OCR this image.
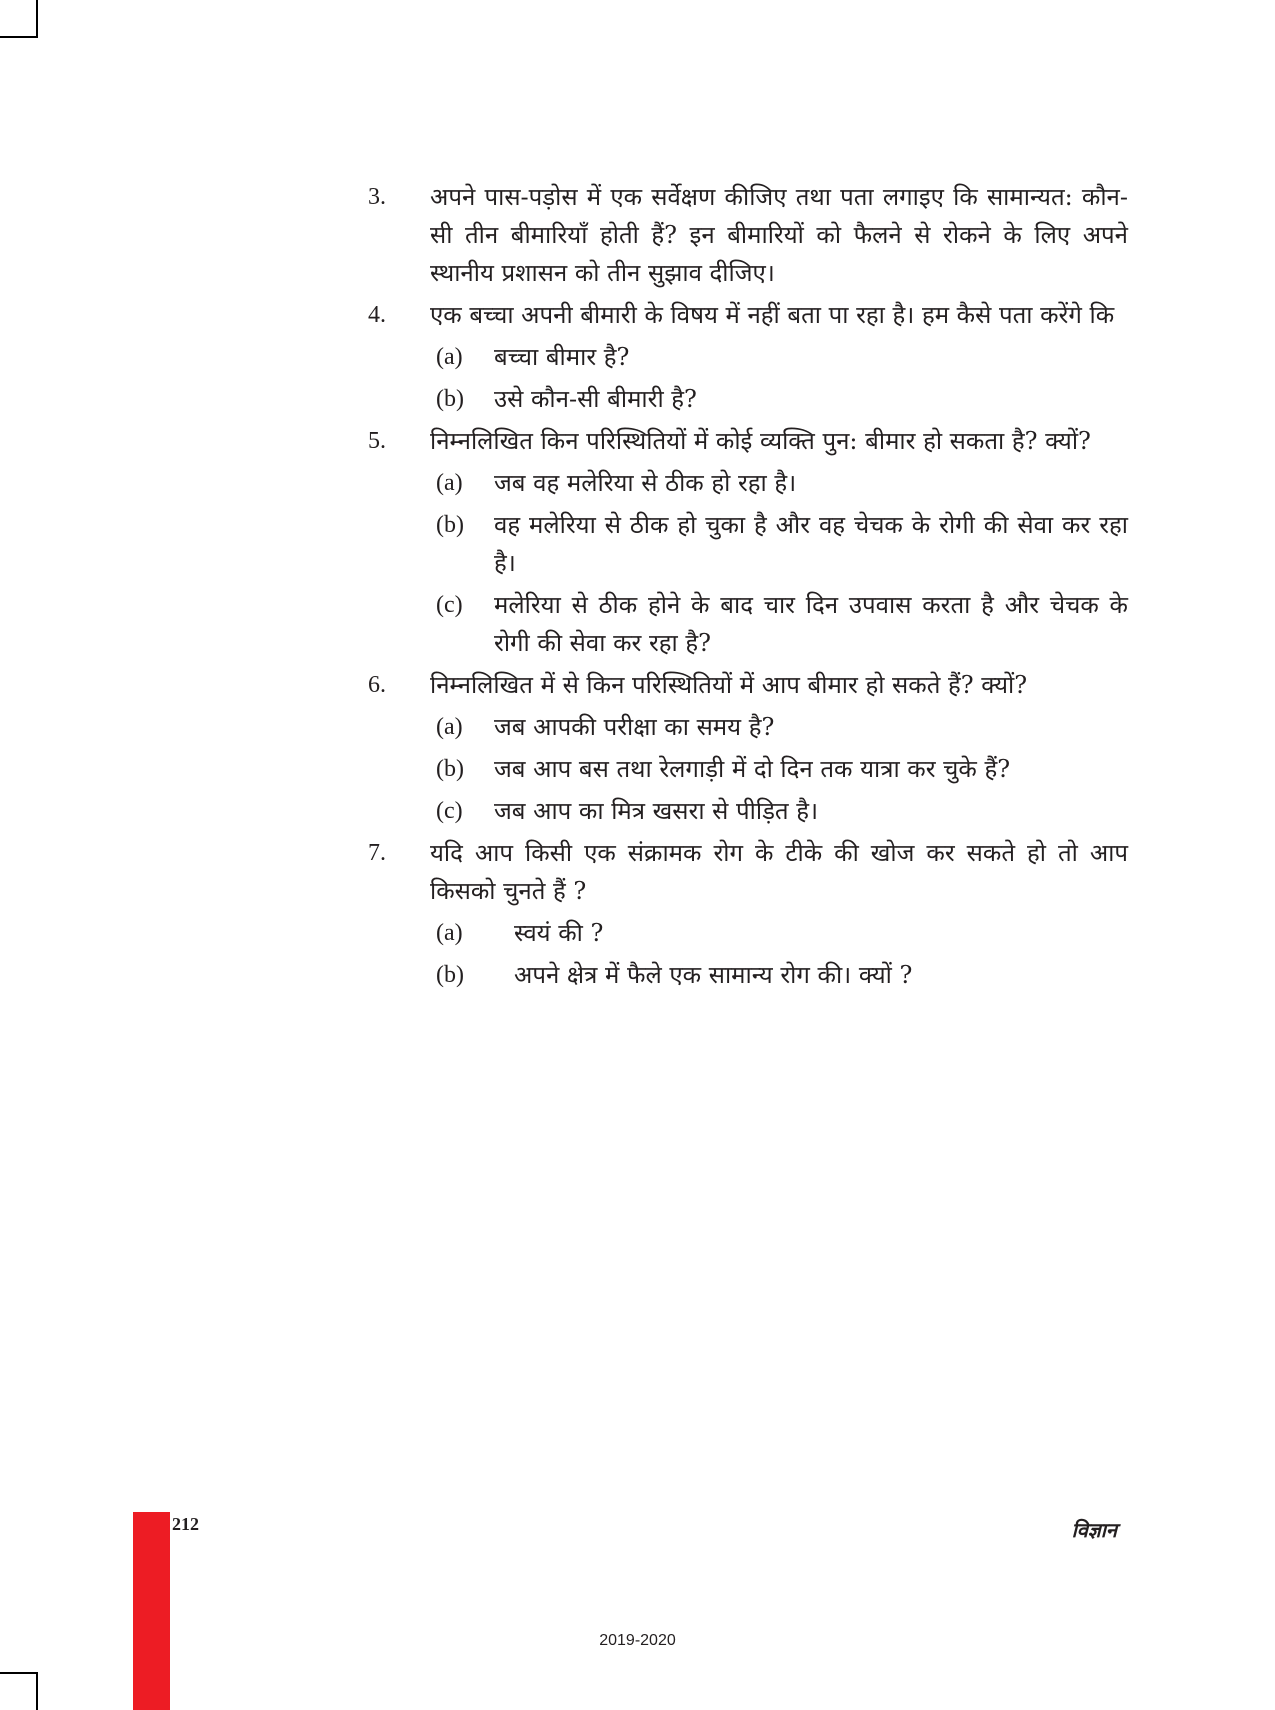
3. अपने पास-पड़ोस में एक सर्वेक्षण कीजिए तथा पता लगाइए कि सामान्यत: कौन-सी तीन बीमारियाँ होती हैं? इन बीमारियों को फैलने से रोकने के लिए अपने स्थानीय प्रशासन को तीन सुझाव दीजिए।
4. एक बच्चा अपनी बीमारी के विषय में नहीं बता पा रहा है। हम कैसे पता करेंगे कि
(a) बच्चा बीमार है?
(b) उसे कौन-सी बीमारी है?
5. निम्नलिखित किन परिस्थितियों में कोई व्यक्ति पुन: बीमार हो सकता है? क्यों?
(a) जब वह मलेरिया से ठीक हो रहा है।
(b) वह मलेरिया से ठीक हो चुका है और वह चेचक के रोगी की सेवा कर रहा है।
(c) मलेरिया से ठीक होने के बाद चार दिन उपवास करता है और चेचक के रोगी की सेवा कर रहा है?
6. निम्नलिखित में से किन परिस्थितियों में आप बीमार हो सकते हैं? क्यों?
(a) जब आपकी परीक्षा का समय है?
(b) जब आप बस तथा रेलगाड़ी में दो दिन तक यात्रा कर चुके हैं?
(c) जब आप का मित्र खसरा से पीड़ित है।
7. यदि आप किसी एक संक्रामक रोग के टीके की खोज कर सकते हो तो आप किसको चुनते हैं ?
(a) स्वयं की ?
(b) अपने क्षेत्र में फैले एक सामान्य रोग की। क्यों ?
212	विज्ञान
2019-2020
